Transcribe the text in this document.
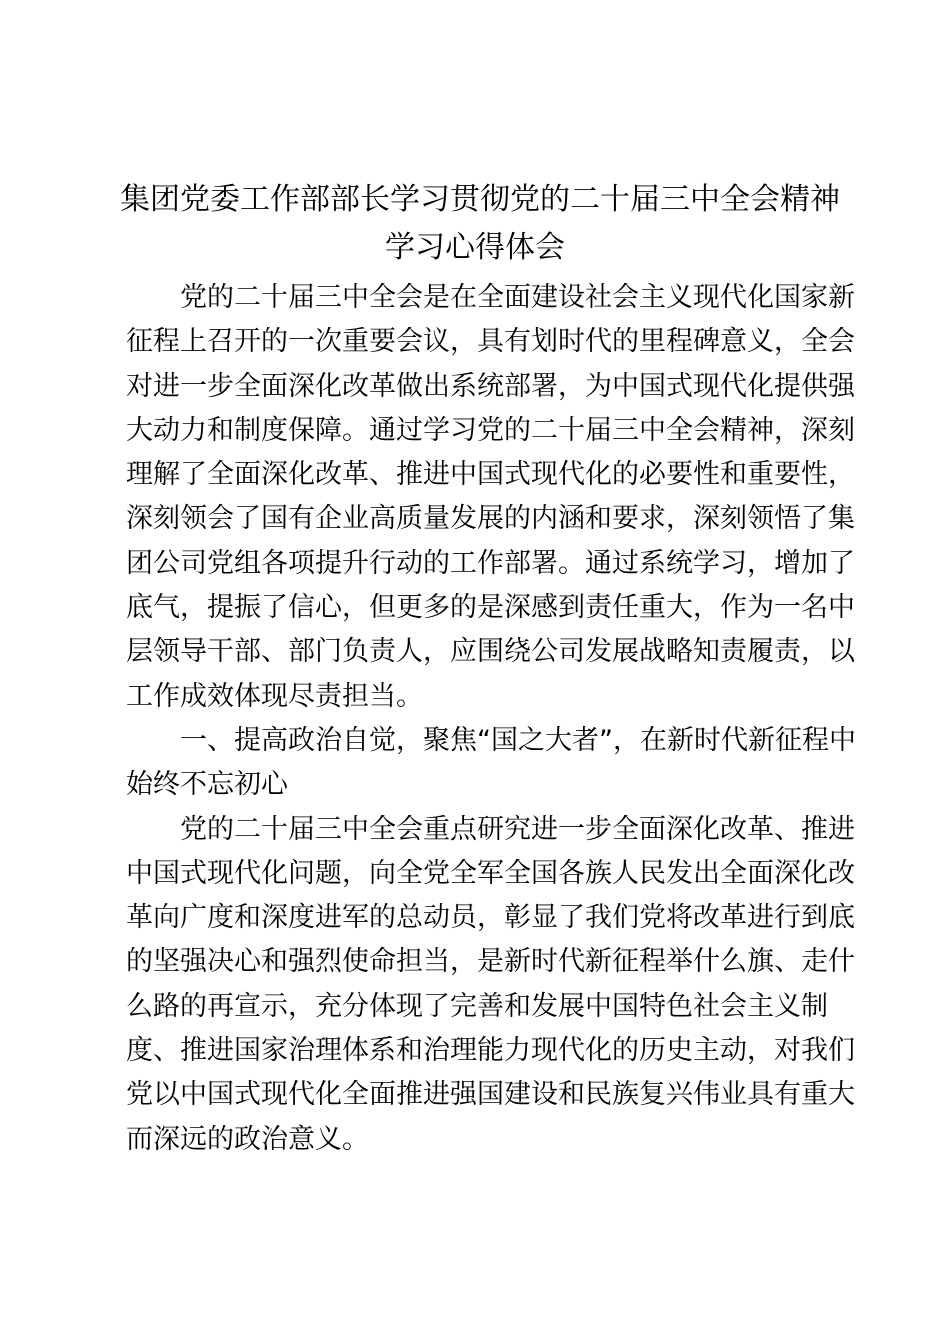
集团党委工作部部长学习贯彻党的二十届三中全会精神
学习心得体会
党的二十届三中全会是在全面建设社会主义现代化国家新
征程上召开的一次重要会议，具有划时代的里程碑意义，全会
对进一步全面深化改革做出系统部署，为中国式现代化提供强
大动力和制度保障。通过学习党的二十届三中全会精神，深刻
理解了全面深化改革、推进中国式现代化的必要性和重要性，
深刻领会了国有企业高质量发展的内涵和要求，深刻领悟了集
团公司党组各项提升行动的工作部署。通过系统学习，增加了
底气，提振了信心，但更多的是深感到责任重大，作为一名中
层领导干部、部门负责人，应围绕公司发展战略知责履责，以
工作成效体现尽责担当。
一、提高政治自觉，聚焦“国之大者”，在新时代新征程中
始终不忘初心
党的二十届三中全会重点研究进一步全面深化改革、推进
中国式现代化问题，向全党全军全国各族人民发出全面深化改
革向广度和深度进军的总动员，彰显了我们党将改革进行到底
的坚强决心和强烈使命担当，是新时代新征程举什么旗、走什
么路的再宣示，充分体现了完善和发展中国特色社会主义制
度、推进国家治理体系和治理能力现代化的历史主动，对我们
党以中国式现代化全面推进强国建设和民族复兴伟业具有重大
而深远的政治意义。
